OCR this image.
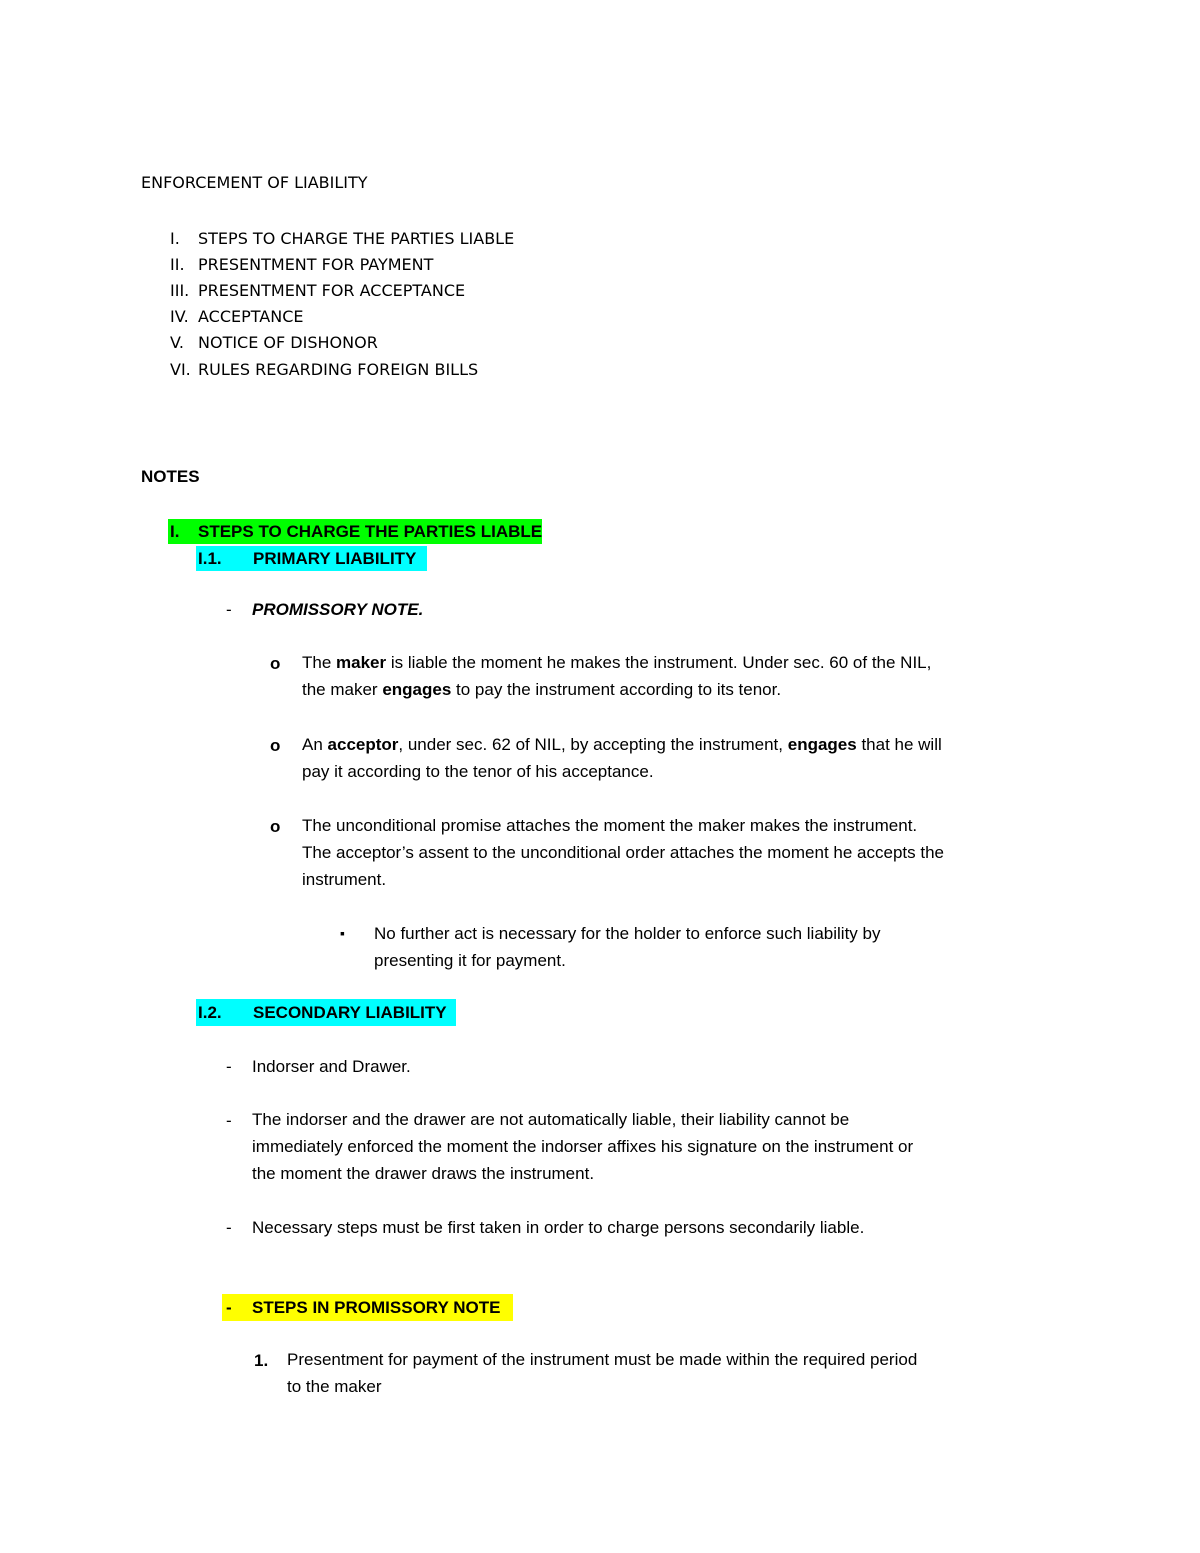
ENFORCEMENT OF LIABILITY
I. STEPS TO CHARGE THE PARTIES LIABLE
II. PRESENTMENT FOR PAYMENT
III. PRESENTMENT FOR ACCEPTANCE
IV. ACCEPTANCE
V. NOTICE OF DISHONOR
VI. RULES REGARDING FOREIGN BILLS
NOTES
I. STEPS TO CHARGE THE PARTIES LIABLE
I.1. PRIMARY LIABILITY
- PROMISSORY NOTE.
o The maker is liable the moment he makes the instrument. Under sec. 60 of the NIL,
the maker engages to pay the instrument according to its tenor.
o An acceptor, under sec. 62 of NIL, by accepting the instrument, engages that he will
pay it according to the tenor of his acceptance.
o The unconditional promise attaches the moment the maker makes the instrument.
The acceptor’s assent to the unconditional order attaches the moment he accepts the
instrument.
▪ No further act is necessary for the holder to enforce such liability by
presenting it for payment.
I.2. SECONDARY LIABILITY
- Indorser and Drawer.
- The indorser and the drawer are not automatically liable, their liability cannot be
immediately enforced the moment the indorser affixes his signature on the instrument or
the moment the drawer draws the instrument.
- Necessary steps must be first taken in order to charge persons secondarily liable.
- STEPS IN PROMISSORY NOTE
1. Presentment for payment of the instrument must be made within the required period
to the maker
